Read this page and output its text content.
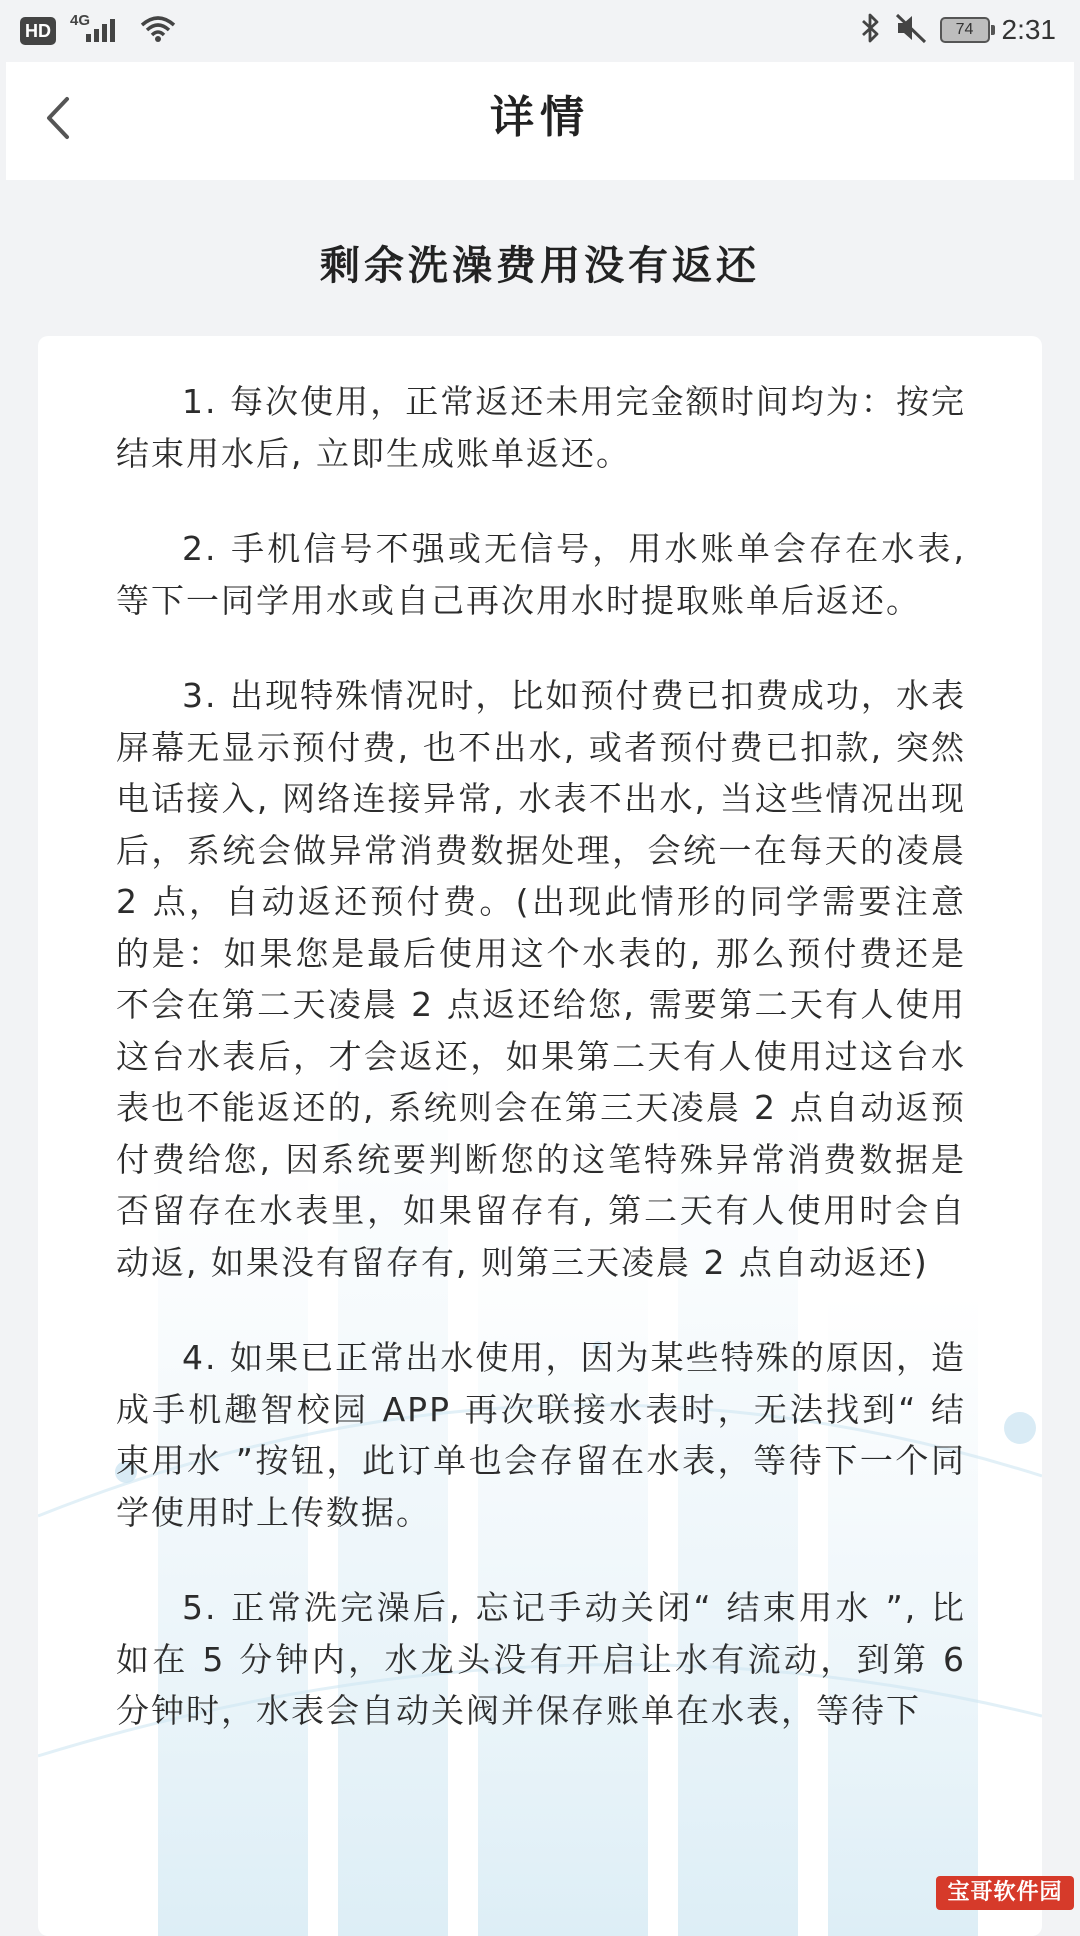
HD
4G
74 2:31
详情
剩余洗澡费用没有返还

1. 每次使用，正常返还未用完金额时间均为：按完结束用水后, 立即生成账单返还。

2. 手机信号不强或无信号，用水账单会存在水表, 等下一同学用水或自己再次用水时提取账单后返还。

3. 出现特殊情况时，比如预付费已扣费成功，水表屏幕无显示预付费, 也不出水, 或者预付费已扣款, 突然电话接入, 网络连接异常, 水表不出水, 当这些情况出现后，系统会做异常消费数据处理，会统一在每天的凌晨 2 点，自动返还预付费。(出现此情形的同学需要注意的是：如果您是最后使用这个水表的, 那么预付费还是不会在第二天凌晨 2 点返还给您, 需要第二天有人使用这台水表后，才会返还，如果第二天有人使用过这台水表也不能返还的, 系统则会在第三天凌晨 2 点自动返预付费给您, 因系统要判断您的这笔特殊异常消费数据是否留存在水表里，如果留存有, 第二天有人使用时会自动返, 如果没有留存有, 则第三天凌晨 2 点自动返还)

4. 如果已正常出水使用，因为某些特殊的原因，造成手机趣智校园 APP 再次联接水表时，无法找到“ 结束用水 ”按钮，此订单也会存留在水表，等待下一个同学使用时上传数据。

5. 正常洗完澡后, 忘记手动关闭“ 结束用水 ”, 比如在 5 分钟内，水龙头没有开启让水有流动，到第 6 分钟时，水表会自动关阀并保存账单在水表，等待下

宝哥软件园
